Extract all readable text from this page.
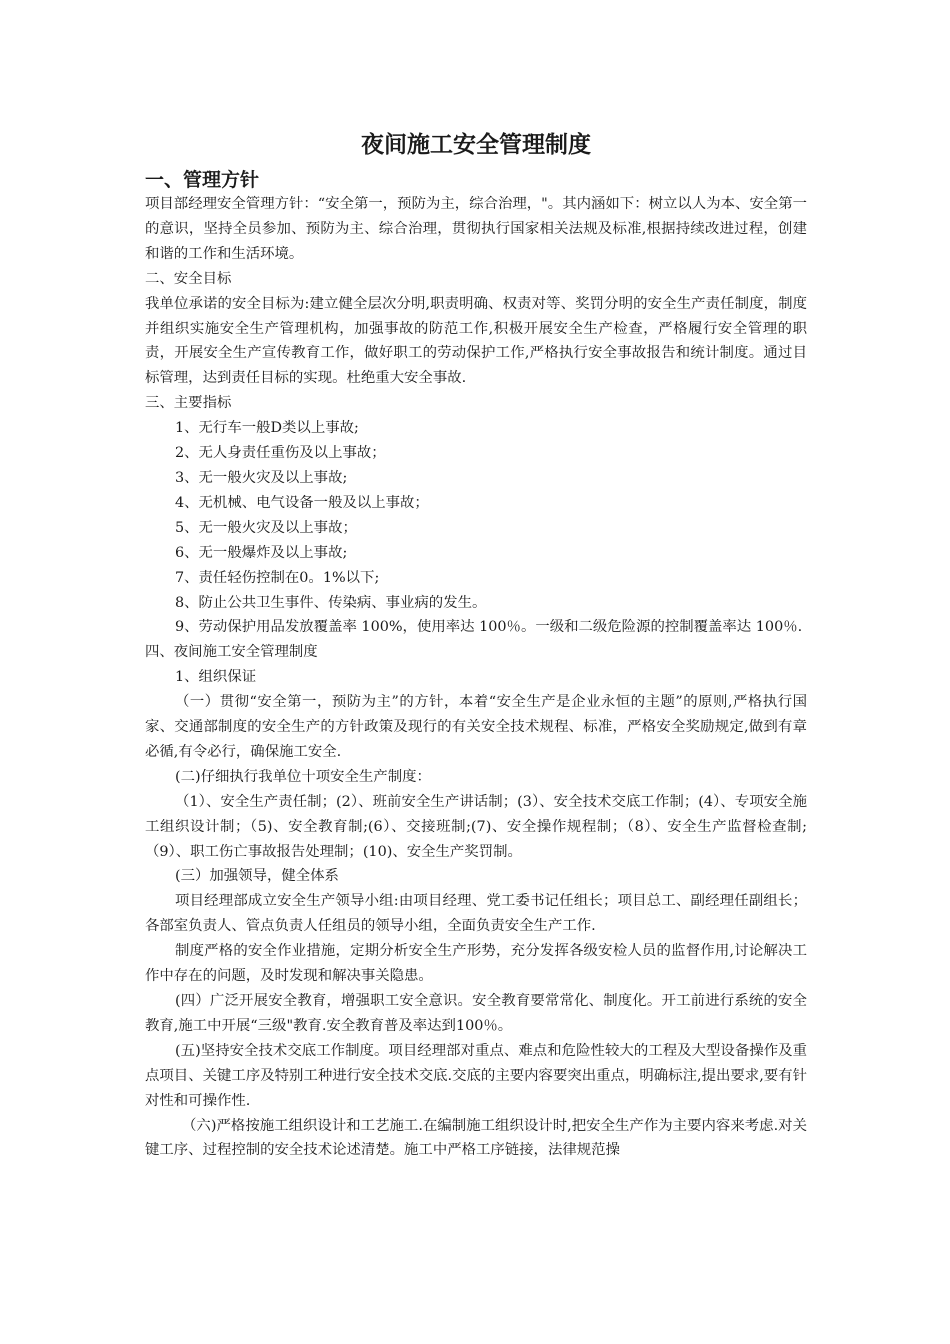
夜间施工安全管理制度
一、管理方针

项目部经理安全管理方针：“安全第一，预防为主，综合治理，"。其内涵如下：树立以人为本、安全第一的意识，坚持全员参加、预防为主、综合治理，贯彻执行国家相关法规及标准,根据持续改进过程，创建和谐的工作和生活环境。

二、安全目标

我单位承诺的安全目标为:建立健全层次分明,职责明确、权责对等、奖罚分明的安全生产责任制度，制度并组织实施安全生产管理机构，加强事故的防范工作,积极开展安全生产检查，严格履行安全管理的职责，开展安全生产宣传教育工作，做好职工的劳动保护工作,严格执行安全事故报告和统计制度。通过目标管理，达到责任目标的实现。杜绝重大安全事故.

三、主要指标

1、无行车一般D类以上事故;

2、无人身责任重伤及以上事故；

3、无一般火灾及以上事故;

4、无机械、电气设备一般及以上事故；

5、无一般火灾及以上事故；

6、无一般爆炸及以上事故;

7、责任轻伤控制在0。1%以下;

8、防止公共卫生事件、传染病、事业病的发生。

9、劳动保护用品发放覆盖率 100%，使用率达 100％。一级和二级危险源的控制覆盖率达 100％.

四、夜间施工安全管理制度

1、组织保证

（一）贯彻“安全第一，预防为主”的方针，本着“安全生产是企业永恒的主题”的原则,严格执行国家、交通部制度的安全生产的方针政策及现行的有关安全技术规程、标准，严格安全奖励规定,做到有章必循,有令必行，确保施工安全.

(二)仔细执行我单位十项安全生产制度：

（1）、安全生产责任制；(2）、班前安全生产讲话制；(3）、安全技术交底工作制；(4）、专项安全施工组织设计制；（5)、安全教育制;(6）、交接班制;(7)、安全操作规程制；（8）、安全生产监督检查制;（9）、职工伤亡事故报告处理制；(10)、安全生产奖罚制。

(三）加强领导，健全体系

项目经理部成立安全生产领导小组:由项目经理、党工委书记任组长；项目总工、副经理任副组长；各部室负责人、管点负责人任组员的领导小组，全面负责安全生产工作.

制度严格的安全作业措施，定期分析安全生产形势，充分发挥各级安检人员的监督作用,讨论解决工作中存在的问题，及时发现和解决事关隐患。

(四）广泛开展安全教育，增强职工安全意识。安全教育要常常化、制度化。开工前进行系统的安全教育,施工中开展“三级"教育.安全教育普及率达到100％。

(五)坚持安全技术交底工作制度。项目经理部对重点、难点和危险性较大的工程及大型设备操作及重点项目、关键工序及特别工种进行安全技术交底.交底的主要内容要突出重点，明确标注,提出要求,要有针对性和可操作性.

（六)严格按施工组织设计和工艺施工.在编制施工组织设计时,把安全生产作为主要内容来考虑.对关键工序、过程控制的安全技术论述清楚。施工中严格工序链接，法律规范操
